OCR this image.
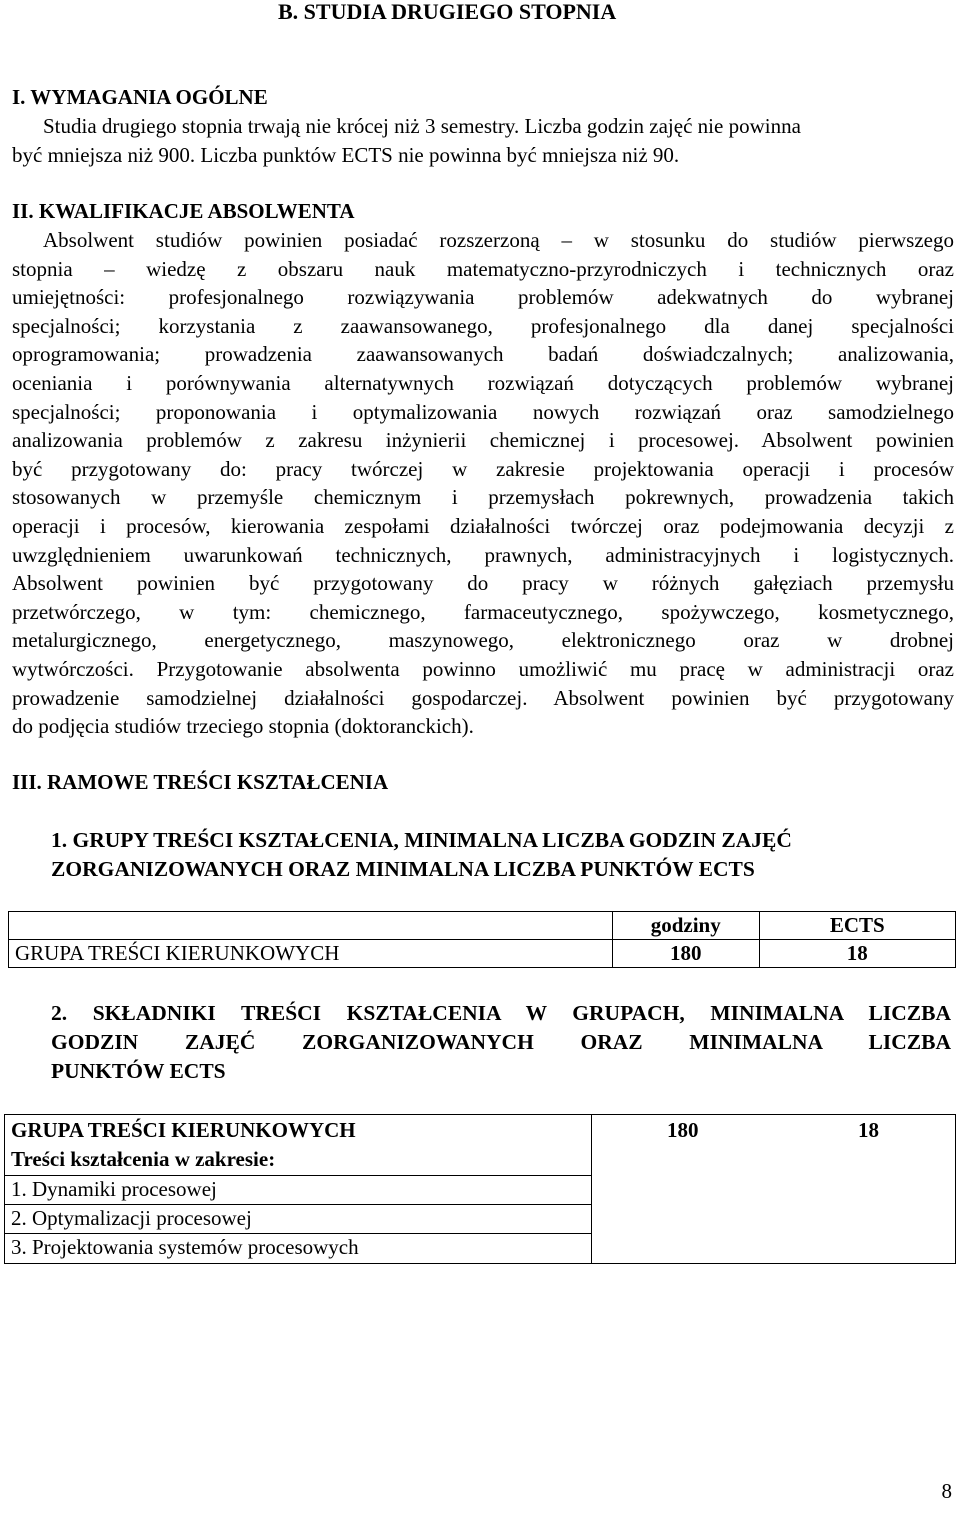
B. STUDIA DRUGIEGO STOPNIA
I. WYMAGANIA OGÓLNE
Studia drugiego stopnia trwają nie krócej niż 3 semestry. Liczba godzin zajęć nie powinna
być mniejsza niż 900. Liczba punktów ECTS nie powinna być mniejsza niż 90.
II. KWALIFIKACJE ABSOLWENTA
Absolwent studiów powinien posiadać rozszerzoną – w stosunku do studiów pierwszego
stopnia – wiedzę z obszaru nauk matematyczno-przyrodniczych i technicznych oraz
umiejętności: profesjonalnego rozwiązywania problemów adekwatnych do wybranej
specjalności; korzystania z zaawansowanego, profesjonalnego dla danej specjalności
oprogramowania; prowadzenia zaawansowanych badań doświadczalnych; analizowania,
oceniania i porównywania alternatywnych rozwiązań dotyczących problemów wybranej
specjalności; proponowania i optymalizowania nowych rozwiązań oraz samodzielnego
analizowania problemów z zakresu inżynierii chemicznej i procesowej. Absolwent powinien
być przygotowany do: pracy twórczej w zakresie projektowania operacji i procesów
stosowanych w przemyśle chemicznym i przemysłach pokrewnych, prowadzenia takich
operacji i procesów, kierowania zespołami działalności twórczej oraz podejmowania decyzji z
uwzględnieniem uwarunkowań technicznych, prawnych, administracyjnych i logistycznych.
Absolwent powinien być przygotowany do pracy w różnych gałęziach przemysłu
przetwórczego, w tym: chemicznego, farmaceutycznego, spożywczego, kosmetycznego,
metalurgicznego, energetycznego, maszynowego, elektronicznego oraz w drobnej
wytwórczości. Przygotowanie absolwenta powinno umożliwić mu pracę w administracji oraz
prowadzenie samodzielnej działalności gospodarczej. Absolwent powinien być przygotowany
do podjęcia studiów trzeciego stopnia (doktoranckich).
III. RAMOWE TREŚCI KSZTAŁCENIA
1. GRUPY TREŚCI KSZTAŁCENIA, MINIMALNA LICZBA GODZIN ZAJĘĆ
ZORGANIZOWANYCH ORAZ MINIMALNA LICZBA PUNKTÓW ECTS
	godziny	ECTS
GRUPA TREŚCI KIERUNKOWYCH	180	18
2. SKŁADNIKI TREŚCI KSZTAŁCENIA W GRUPACH, MINIMALNA LICZBA
GODZIN ZAJĘĆ ZORGANIZOWANYCH ORAZ MINIMALNA LICZBA
PUNKTÓW ECTS
GRUPA TREŚCI KIERUNKOWYCH
Treści kształcenia w zakresie:
180	18
1. Dynamiki procesowej
2. Optymalizacji procesowej
3. Projektowania systemów procesowych
8
